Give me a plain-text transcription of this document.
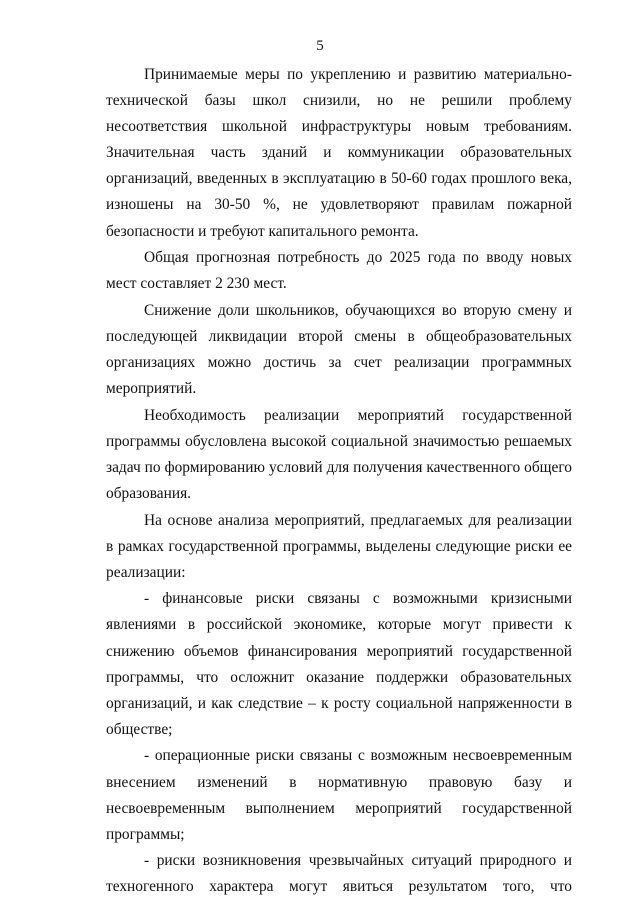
5

Принимаемые меры по укреплению и развитию материально-технической базы школ снизили, но не решили проблему несоответствия школьной инфраструктуры новым требованиям. Значительная часть зданий и коммуникации образовательных организаций, введенных в эксплуатацию в 50-60 годах прошлого века, изношены на 30-50 %, не удовлетворяют правилам пожарной безопасности и требуют капитального ремонта.

Общая прогнозная потребность до 2025 года по вводу новых мест составляет 2 230 мест.

Снижение доли школьников, обучающихся во вторую смену и последующей ликвидации второй смены в общеобразовательных организациях можно достичь за счет реализации программных мероприятий.

Необходимость реализации мероприятий государственной программы обусловлена высокой социальной значимостью решаемых задач по формированию условий для получения качественного общего образования.

На основе анализа мероприятий, предлагаемых для реализации в рамках государственной программы, выделены следующие риски ее реализации:

- финансовые риски связаны с возможными кризисными явлениями в российской экономике, которые могут привести к снижению объемов финансирования мероприятий государственной программы, что осложнит оказание поддержки образовательных организаций, и как следствие – к росту социальной напряженности в обществе;

- операционные риски связаны с возможным несвоевременным внесением изменений в нормативную правовую базу и несвоевременным выполнением мероприятий государственной программы;

- риски возникновения чрезвычайных ситуаций природного и техногенного характера могут явиться результатом того, что
